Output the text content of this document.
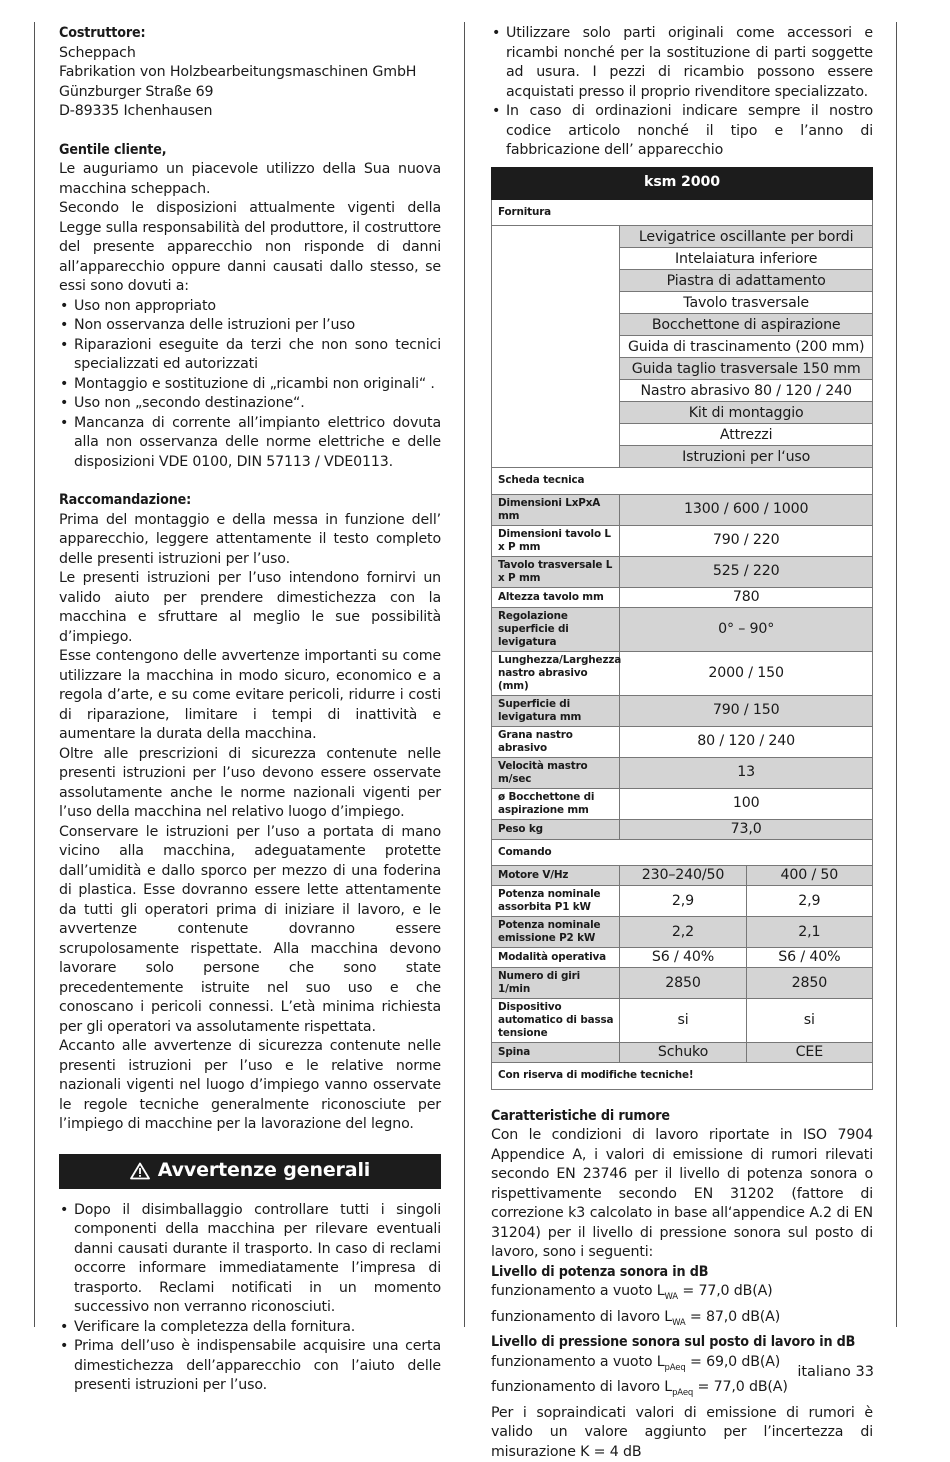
Costruttore:

Scheppach

Fabrikation von Holzbearbeitungsmaschinen GmbH

Günzburger Straße 69

D-89335 Ichenhausen

Gentile cliente,

Le auguriamo un piacevole utilizzo della Sua nuova macchina scheppach.

Secondo le disposizioni attualmente vigenti della Legge sulla responsabilità del produttore, il costruttore del presente apparecchio non risponde di danni all’apparecchio oppure danni causati dallo stesso, se essi sono dovuti a:

• Uso non appropriato
• Non osservanza delle istruzioni per l’uso
• Riparazioni eseguite da terzi che non sono tecnici specializzati ed autorizzati
• Montaggio e sostituzione di „ricambi non originali“ .
• Uso non „secondo destinazione“.
• Mancanza di corrente all’impianto elettrico dovuta alla non osservanza delle norme elettriche e delle disposizioni VDE 0100, DIN 57113 / VDE0113.
Raccomandazione:

Prima del montaggio e della messa in funzione dell’ apparecchio, leggere attentamente il testo completo delle presenti istruzioni per l’uso.

Le presenti istruzioni per l’uso intendono fornirvi un valido aiuto per prendere dimestichezza con la macchina e sfruttare al meglio le sue possibilità d’impiego.

Esse contengono delle avvertenze importanti su come utilizzare la macchina in modo sicuro, economico e a regola d’arte, e su come evitare pericoli, ridurre i costi di riparazione, limitare i tempi di inattività e aumentare la durata della macchina.

Oltre alle prescrizioni di sicurezza contenute nelle presenti istruzioni per l’uso devono essere osservate assolutamente anche le norme nazionali vigenti per l’uso della macchina nel relativo luogo d’impiego.

Conservare le istruzioni per l’uso a portata di mano vicino alla macchina, adeguatamente protette dall’umidità e dallo sporco per mezzo di una foderina di plastica. Esse dovranno essere lette attentamente da tutti gli operatori prima di iniziare il lavoro, e le avvertenze contenute dovranno essere scrupolosamente rispettate. Alla macchina devono lavorare solo persone che sono state precedentemente istruite nel suo uso e che conoscano i pericoli connessi. L’età minima richiesta per gli operatori va assolutamente rispettata.

Accanto alle avvertenze di sicurezza contenute nelle presenti istruzioni per l’uso e le relative norme nazionali vigenti nel luogo d’impiego vanno osservate le regole tecniche generalmente riconosciute per l’impiego di macchine per la lavorazione del legno.

Avvertenze generali
• Dopo il disimballaggio controllare tutti i singoli componenti della macchina per rilevare eventuali danni causati durante il trasporto. In caso di reclami occorre informare immediatamente l’impresa di trasporto. Reclami notificati in un momento successivo non verranno riconosciuti.
• Verificare la completezza della fornitura.
• Prima dell’uso è indispensabile acquisire una certa dimestichezza dell’apparecchio con l’aiuto delle presenti istruzioni per l’uso.
• Utilizzare solo parti originali come accessori e ricambi nonché per la sostituzione di parti soggette ad usura. I pezzi di ricambio possono essere acquistati presso il proprio rivenditore specializzato.
• In caso di ordinazioni indicare sempre il nostro codice articolo nonché il tipo e l’anno di fabbricazione dell’ apparecchio
ksm 2000		
Fornitura		
	Levigatrice oscillante per bordi	
	Intelaiatura inferiore	
	Piastra di adattamento	
	Tavolo trasversale	
	Bocchettone di aspirazione	
	Guida di trascinamento (200 mm)	
	Guida taglio trasversale 150 mm	
	Nastro abrasivo 80 / 120 / 240	
	Kit di montaggio	
	Attrezzi	
	Istruzioni per l‘uso	
Scheda tecnica		
Dimensioni LxPxA mm	1300 / 600 / 1000	
Dimensioni tavolo L x P mm	790 / 220	
Tavolo trasversale L x P mm	525 / 220	
Altezza tavolo mm	780	
Regolazione superficie di levigatura	0° – 90°	
Lunghezza/Larghezza nastro abrasivo (mm)	2000 / 150	
Superficie di levigatura mm	790 / 150	
Grana nastro abrasivo	80 / 120 / 240	
Velocità mastro m/sec	13	
ø Bocchettone di aspirazione mm	100	
Peso kg	73,0	
Comando		
Motore V/Hz	230–240/50	400 / 50
Potenza nominale assorbita P1 kW	2,9	2,9
Potenza nominale emissione P2 kW	2,2	2,1
Modalità operativa	S6 / 40%	S6 / 40%
Numero di giri 1/min	2850	2850
Dispositivo automatico di bassa tensione	si	si
Spina	Schuko	CEE
Con riserva di modifiche tecniche!		
Caratteristiche di rumore

Con le condizioni di lavoro riportate in ISO 7904 Appendice A, i valori di emissione di rumori rilevati secondo EN 23746 per il livello di potenza sonora o rispettivamente secondo EN 31202 (fattore di correzione k3 calcolato in base all‘appendice A.2 di EN 31204) per il livello di pressione sonora sul posto di lavoro, sono i seguenti:

Livello di potenza sonora in dB

funzionamento a vuoto $L_{WA} = 77,0$ dB(A)

funzionamento di lavoro $L_{WA} = 87,0$ dB(A)

Livello di pressione sonora sul posto di lavoro in dB

funzionamento a vuoto $L_{pAeq} = 69,0$ dB(A)

funzionamento di lavoro $L_{pAeq} = 77,0$ dB(A)

Per i sopraindicati valori di emissione di rumori è valido un valore aggiunto per l’incertezza di misurazione K = 4 dB

italiano 33
